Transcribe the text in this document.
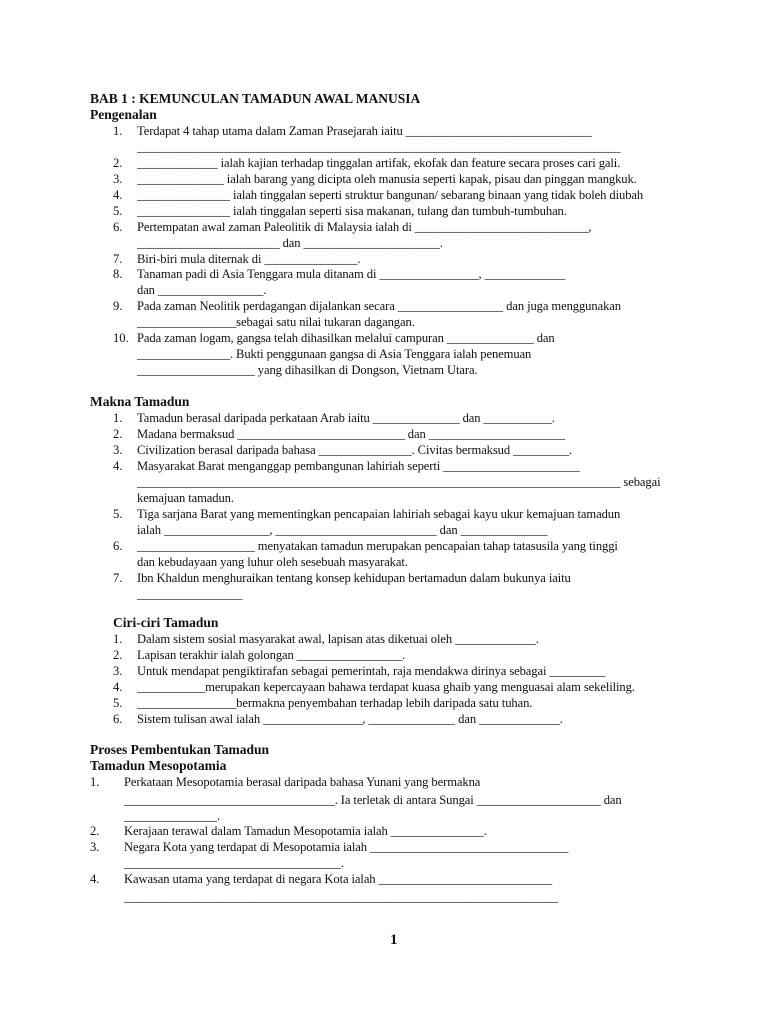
BAB 1 : KEMUNCULAN TAMADUN AWAL MANUSIA
Pengenalan
1. Terdapat 4 tahap utama dalam Zaman Prasejarah iaitu ______________________________
______________________________________________________________________________
2. _____________ ialah kajian terhadap tinggalan artifak, ekofak dan feature secara proses cari gali.
3. ______________ ialah barang yang dicipta oleh manusia seperti kapak, pisau dan pinggan mangkuk.
4. _______________ ialah tinggalan seperti struktur bangunan/ sebarang binaan yang tidak boleh diubah
5. _______________ ialah tinggalan seperti sisa makanan, tulang dan tumbuh-tumbuhan.
6. Pertempatan awal zaman Paleolitik di Malaysia ialah di ____________________________,
_______________________ dan ______________________.
7. Biri-biri mula diternak di _______________.
8. Tanaman padi di Asia Tenggara mula ditanam di ________________, _____________
dan _________________.
9. Pada zaman Neolitik perdagangan dijalankan secara _________________ dan juga menggunakan
________________sebagai satu nilai tukaran dagangan.
10. Pada zaman logam, gangsa telah dihasilkan melalui campuran ______________ dan
_______________. Bukti penggunaan gangsa di Asia Tenggara ialah penemuan
___________________ yang dihasilkan di Dongson, Vietnam Utara.
Makna Tamadun
1. Tamadun berasal daripada perkataan Arab iaitu ______________ dan ___________.
2. Madana bermaksud ___________________________ dan ______________________
3. Civilization berasal daripada bahasa _______________. Civitas bermaksud _________.
4. Masyarakat Barat menganggap pembangunan lahiriah seperti ______________________
______________________________________________________________________________ sebagai
kemajuan tamadun.
5. Tiga sarjana Barat yang mementingkan pencapaian lahiriah sebagai kayu ukur kemajuan tamadun
ialah _________________, __________________________ dan ______________
6. ___________________ menyatakan tamadun merupakan pencapaian tahap tatasusila yang tinggi
dan kebudayaan yang luhur oleh sesebuah masyarakat.
7. Ibn Khaldun menghuraikan tentang konsep kehidupan bertamadun dalam bukunya iaitu
_________________
Ciri-ciri Tamadun
1. Dalam sistem sosial masyarakat awal, lapisan atas diketuai oleh _____________.
2. Lapisan terakhir ialah golongan _________________.
3. Untuk mendapat pengiktirafan sebagai pemerintah, raja mendakwa dirinya sebagai _________
4. ___________merupakan kepercayaan bahawa terdapat kuasa ghaib yang menguasai alam sekeliling.
5. ________________bermakna penyembahan terhadap lebih daripada satu tuhan.
6. Sistem tulisan awal ialah ________________, ______________ dan _____________.
Proses Pembentukan Tamadun
Tamadun Mesopotamia
1. Perkataan Mesopotamia berasal daripada bahasa Yunani yang bermakna
__________________________________. Ia terletak di antara Sungai ____________________ dan
_______________.
2. Kerajaan terawal dalam Tamadun Mesopotamia ialah _______________.
3. Negara Kota yang terdapat di Mesopotamia ialah ________________________________
___________________________________.
4. Kawasan utama yang terdapat di negara Kota ialah ____________________________
______________________________________________________________________
1
